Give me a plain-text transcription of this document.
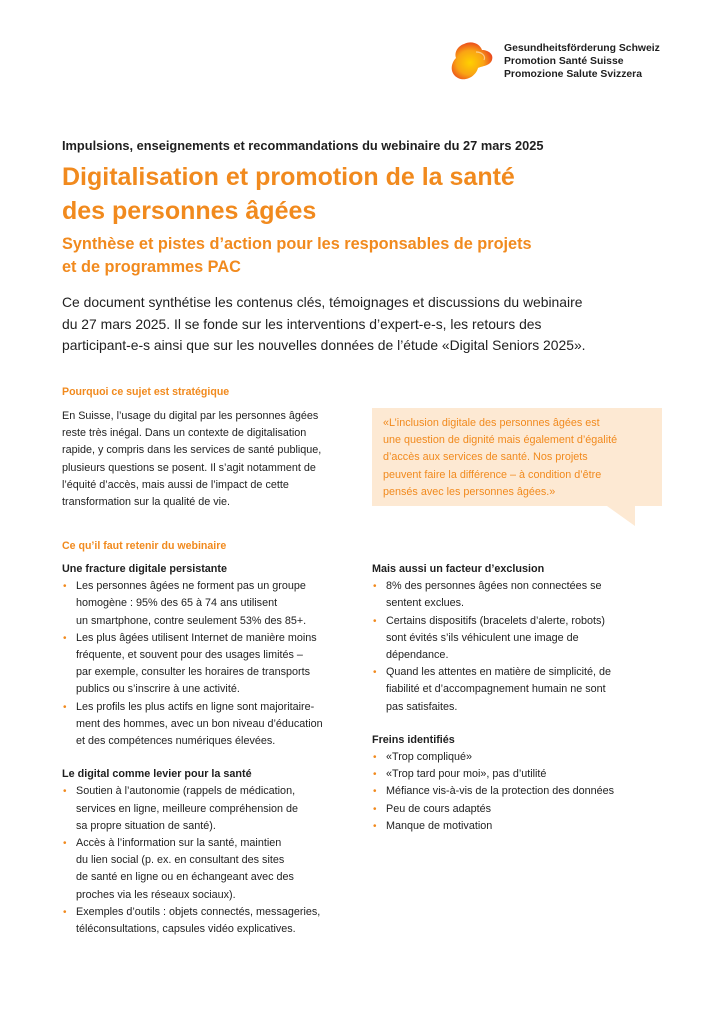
Gesundheitsförderung Schweiz
Promotion Santé Suisse
Promozione Salute Svizzera
Impulsions, enseignements et recommandations du webinaire du 27 mars 2025
Digitalisation et promotion de la santé
des personnes âgées
Synthèse et pistes d’action pour les responsables de projets
et de programmes PAC

Ce document synthétise les contenus clés, témoignages et discussions du webinaire
du 27 mars 2025. Il se fonde sur les interventions d’expert-e-s, les retours des
participant-e-s ainsi que sur les nouvelles données de l’étude «Digital Seniors 2025».

Pourquoi ce sujet est stratégique

En Suisse, l’usage du digital par les personnes âgées
reste très inégal. Dans un contexte de digitalisation
rapide, y compris dans les services de santé publique,
plusieurs questions se posent. Il s’agit notamment de
l’équité d’accès, mais aussi de l’impact de cette
transformation sur la qualité de vie.

«L’inclusion digitale des personnes âgées est
une question de dignité mais également d’égalité
d’accès aux services de santé. Nos projets
peuvent faire la différence – à condition d’être
pensés avec les personnes âgées.»

Ce qu’il faut retenir du webinaire

Une fracture digitale persistante

• Les personnes âgées ne forment pas un groupe
homogène : 95% des 65 à 74 ans utilisent
un smartphone, contre seulement 53% des 85+.
• Les plus âgées utilisent Internet de manière moins
fréquente, et souvent pour des usages limités –
par exemple, consulter les horaires de transports
publics ou s’inscrire à une activité.
• Les profils les plus actifs en ligne sont majoritaire-
ment des hommes, avec un bon niveau d’éducation
et des compétences numériques élevées.

Le digital comme levier pour la santé

• Soutien à l’autonomie (rappels de médication,
services en ligne, meilleure compréhension de
sa propre situation de santé).
• Accès à l’information sur la santé, maintien
du lien social (p. ex. en consultant des sites
de santé en ligne ou en échangeant avec des
proches via les réseaux sociaux).
• Exemples d’outils : objets connectés, messageries,
téléconsultations, capsules vidéo explicatives.

Mais aussi un facteur d’exclusion

• 8% des personnes âgées non connectées se
sentent exclues.
• Certains dispositifs (bracelets d’alerte, robots)
sont évités s’ils véhiculent une image de
dépendance.
• Quand les attentes en matière de simplicité, de
fiabilité et d’accompagnement humain ne sont
pas satisfaites.

Freins identifiés

• «Trop compliqué»
• «Trop tard pour moi», pas d’utilité
• Méfiance vis-à-vis de la protection des données
• Peu de cours adaptés
• Manque de motivation
